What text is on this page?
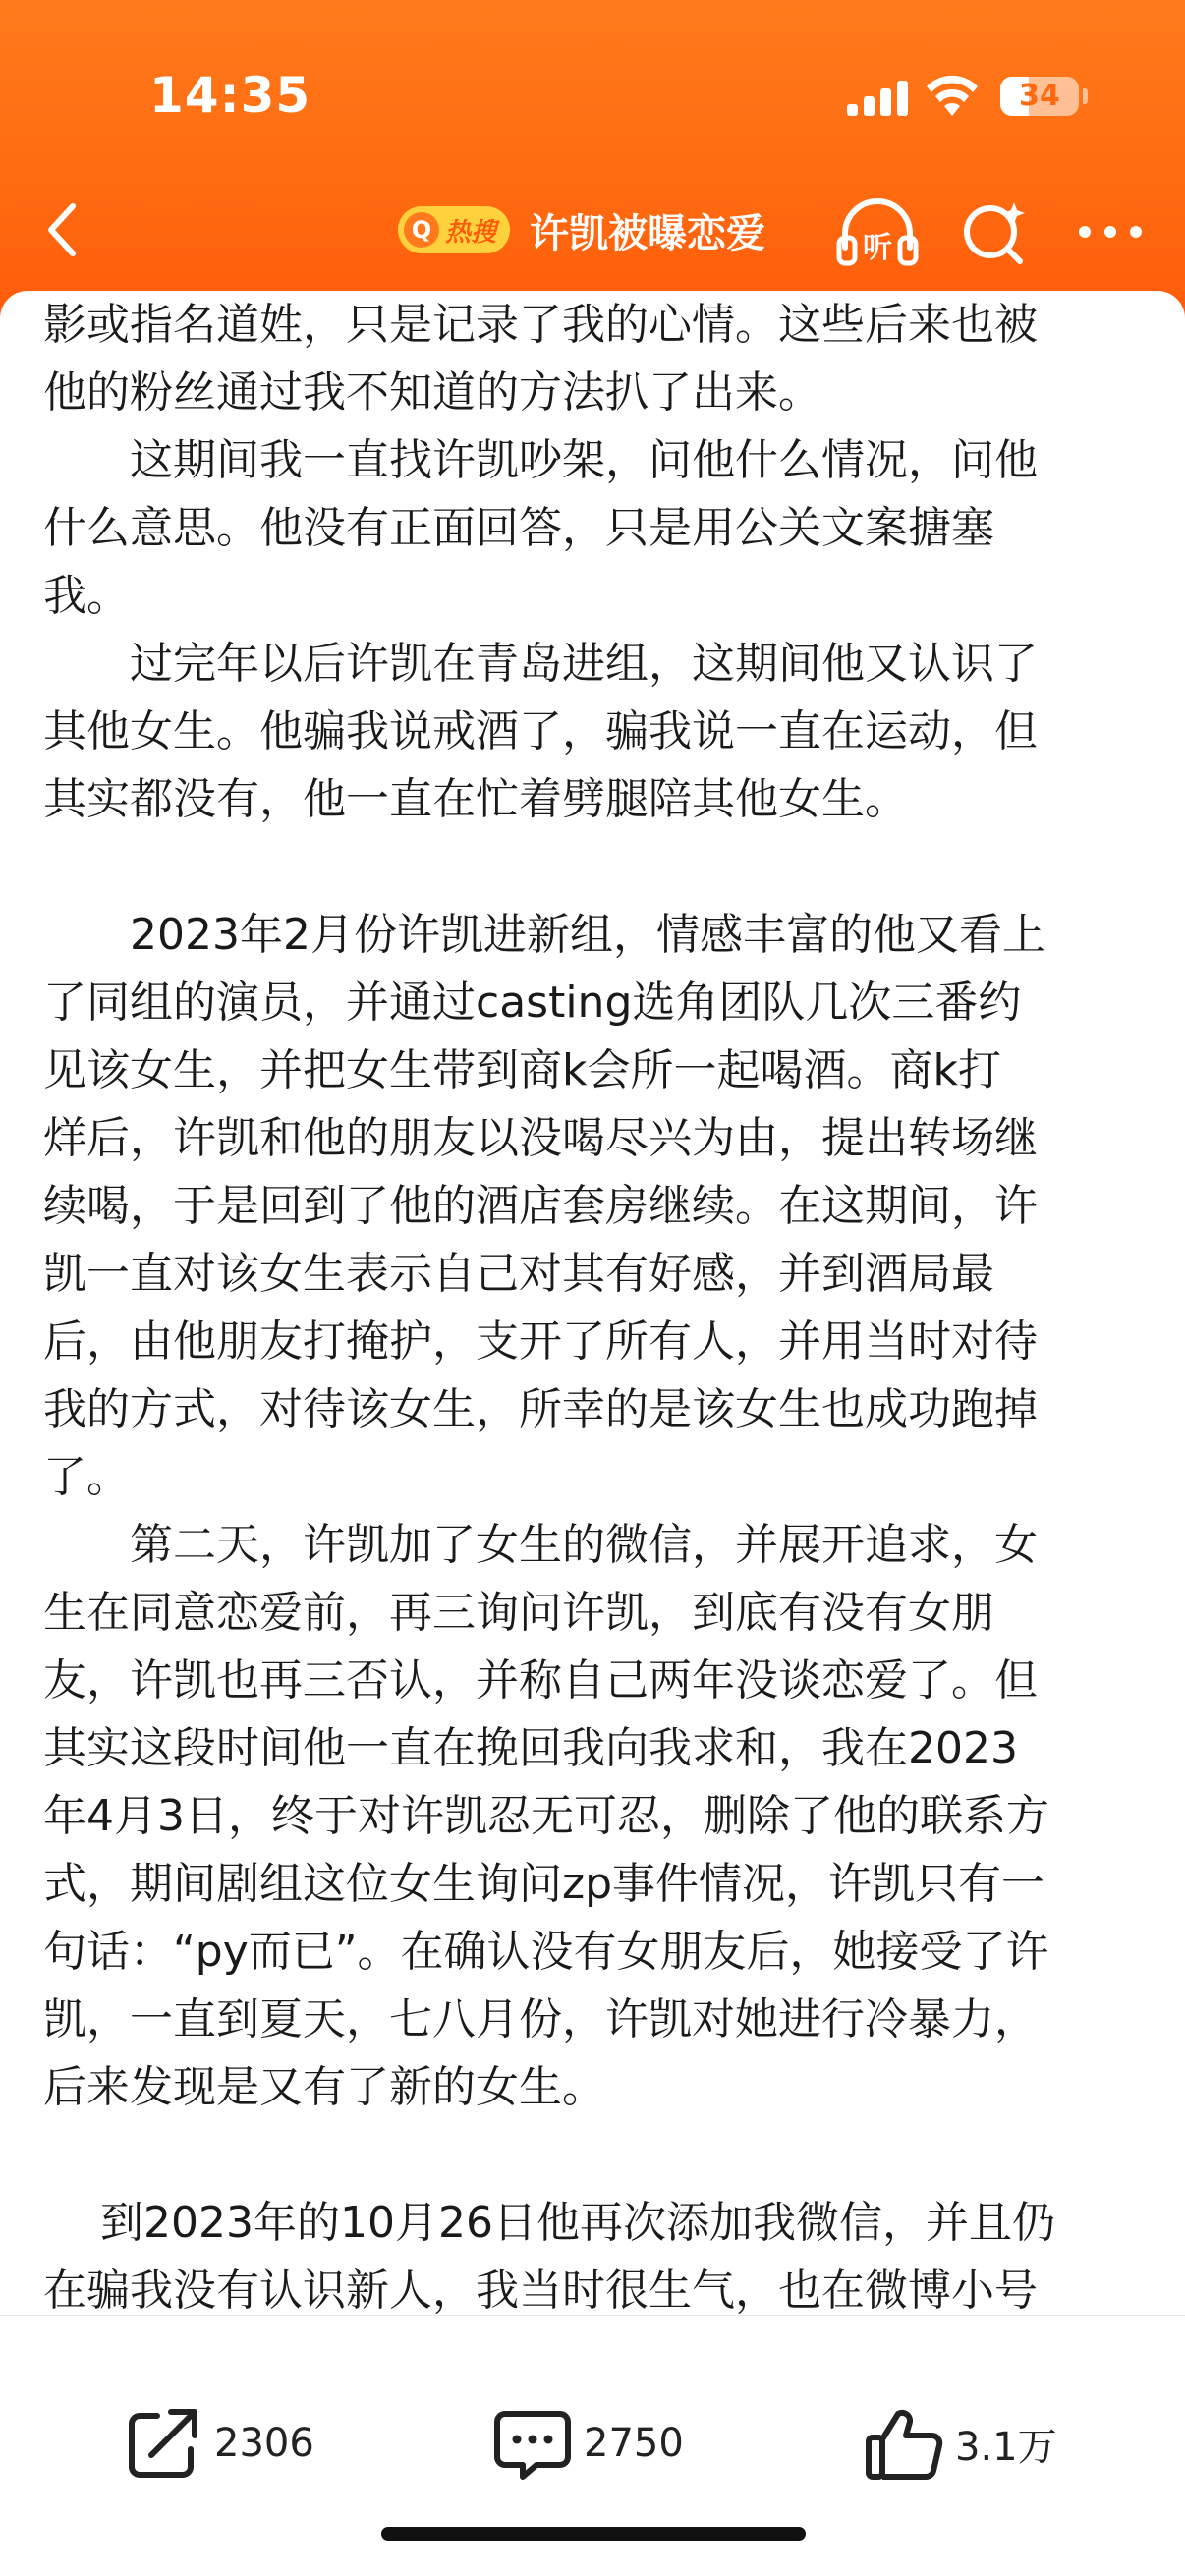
14:35	34
Q 热搜 许凯被曝恋爱	听

影或指名道姓，只是记录了我的心情。这些后来也被

他的粉丝通过我不知道的方法扒了出来。

　　这期间我一直找许凯吵架，问他什么情况，问他

什么意思。他没有正面回答，只是用公关文案搪塞

我。

　　过完年以后许凯在青岛进组，这期间他又认识了

其他女生。他骗我说戒酒了，骗我说一直在运动，但

其实都没有，他一直在忙着劈腿陪其他女生。

　　2023年2月份许凯进新组，情感丰富的他又看上

了同组的演员，并通过casting选角团队几次三番约

见该女生，并把女生带到商k会所一起喝酒。商k打

烊后，许凯和他的朋友以没喝尽兴为由，提出转场继

续喝，于是回到了他的酒店套房继续。在这期间，许

凯一直对该女生表示自己对其有好感，并到酒局最

后，由他朋友打掩护，支开了所有人，并用当时对待

我的方式，对待该女生，所幸的是该女生也成功跑掉

了。

　　第二天，许凯加了女生的微信，并展开追求，女

生在同意恋爱前，再三询问许凯，到底有没有女朋

友，许凯也再三否认，并称自己两年没谈恋爱了。但

其实这段时间他一直在挽回我向我求和，我在2023

年4月3日，终于对许凯忍无可忍，删除了他的联系方

式，期间剧组这位女生询问zp事件情况，许凯只有一

句话：“py而已”。在确认没有女朋友后，她接受了许

凯，一直到夏天，七八月份，许凯对她进行冷暴力，

后来发现是又有了新的女生。

　 到2023年的10月26日他再次添加我微信，并且仍

在骗我没有认识新人，我当时很生气，也在微博小号

2306	2750	3.1万
